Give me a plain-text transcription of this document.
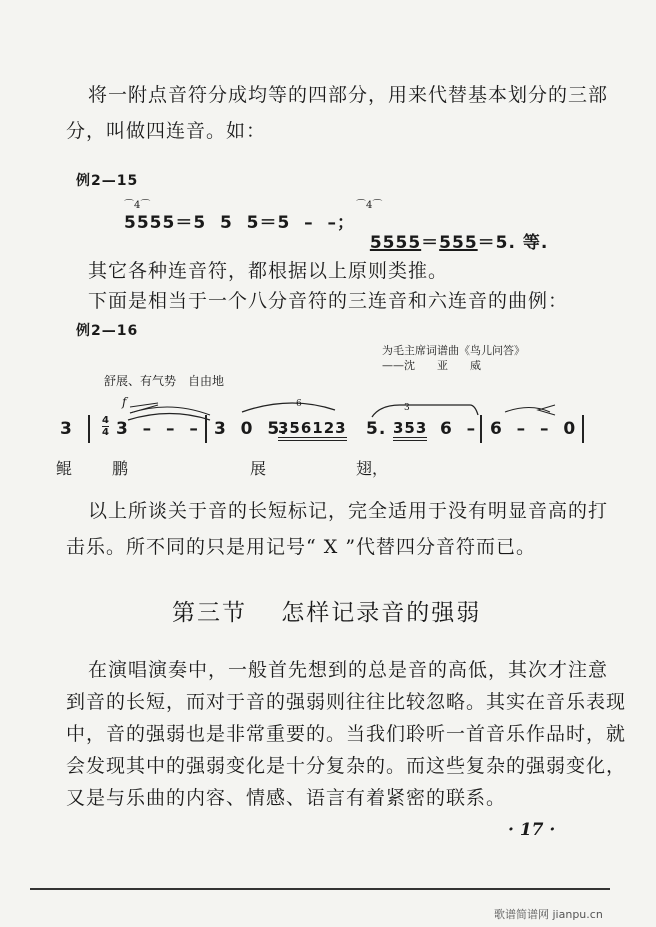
将一附点音符分成均等的四部分，用来代替基本划分的三部
分，叫做四连音。如：
例2—15
⌒4⌒
5555＝5  5  5＝5  –  –；
⌒4⌒

5555＝555＝5. 等.

其它各种连音符，都根据以上原则类推。
下面是相当于一个八分音符的三连音和六连音的曲例：
例2—16
为毛主席词谱曲《鸟儿问答》
——沈　　亚　　威
舒展、有气势　自由地
f	6	3
3	4
4 3  –  –  – 3  0  5.
356123 5. 353 6  – 6  –  –  0
鲲 鹏	展	翅，
以上所谈关于音的长短标记，完全适用于没有明显音高的打
击乐。所不同的只是用记号“ X ”代替四分音符而已。
第三节　 怎样记录音的强弱
在演唱演奏中，一般首先想到的总是音的高低，其次才注意
到音的长短，而对于音的强弱则往往比较忽略。其实在音乐表现
中，音的强弱也是非常重要的。当我们聆听一首音乐作品时，就
会发现其中的强弱变化是十分复杂的。而这些复杂的强弱变化，
又是与乐曲的内容、情感、语言有着紧密的联系。
· 17 ·
歌谱简谱网 jianpu.cn
